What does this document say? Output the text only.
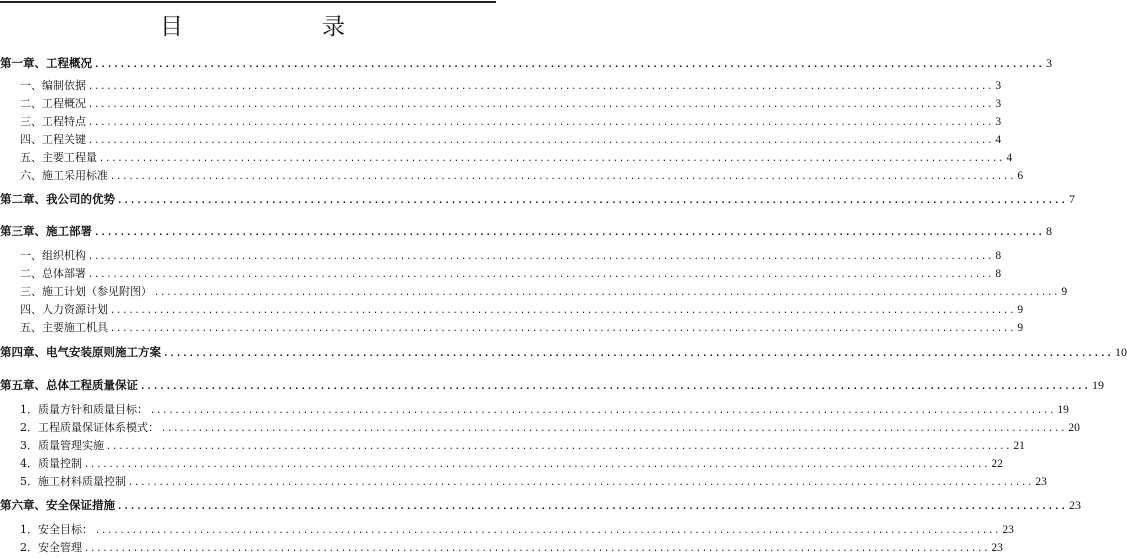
目　录
第一章、工程概况 .................................................................................................................................................... 3
一、编制依据 .................................................................................................................................................... 3
二、工程概况 .................................................................................................................................................... 3
三、工程特点 .................................................................................................................................................... 3
四、工程关键 .................................................................................................................................................... 4
五、主要工程量 .................................................................................................................................................... 4
六、施工采用标准 .................................................................................................................................................... 6
第二章、我公司的优势 .................................................................................................................................................... 7
第三章、施工部署 .................................................................................................................................................... 8
一、组织机构 .................................................................................................................................................... 8
二、总体部署 .................................................................................................................................................... 8
三、施工计划（参见附图） .................................................................................................................................................... 9
四、人力资源计划 .................................................................................................................................................... 9
五、主要施工机具 .................................................................................................................................................... 9
第四章、电气安装原则施工方案 .................................................................................................................................................... 10
第五章、总体工程质量保证 .................................................................................................................................................... 19
1．质量方针和质量目标： .................................................................................................................................................... 19
2．工程质量保证体系模式： .................................................................................................................................................... 20
3．质量管理实施 .................................................................................................................................................... 21
4．质量控制 .................................................................................................................................................... 22
5．施工材料质量控制 .................................................................................................................................................... 23
第六章、安全保证措施 .................................................................................................................................................... 23
1．安全目标： .................................................................................................................................................... 23
2．安全管理 .................................................................................................................................................... 23
